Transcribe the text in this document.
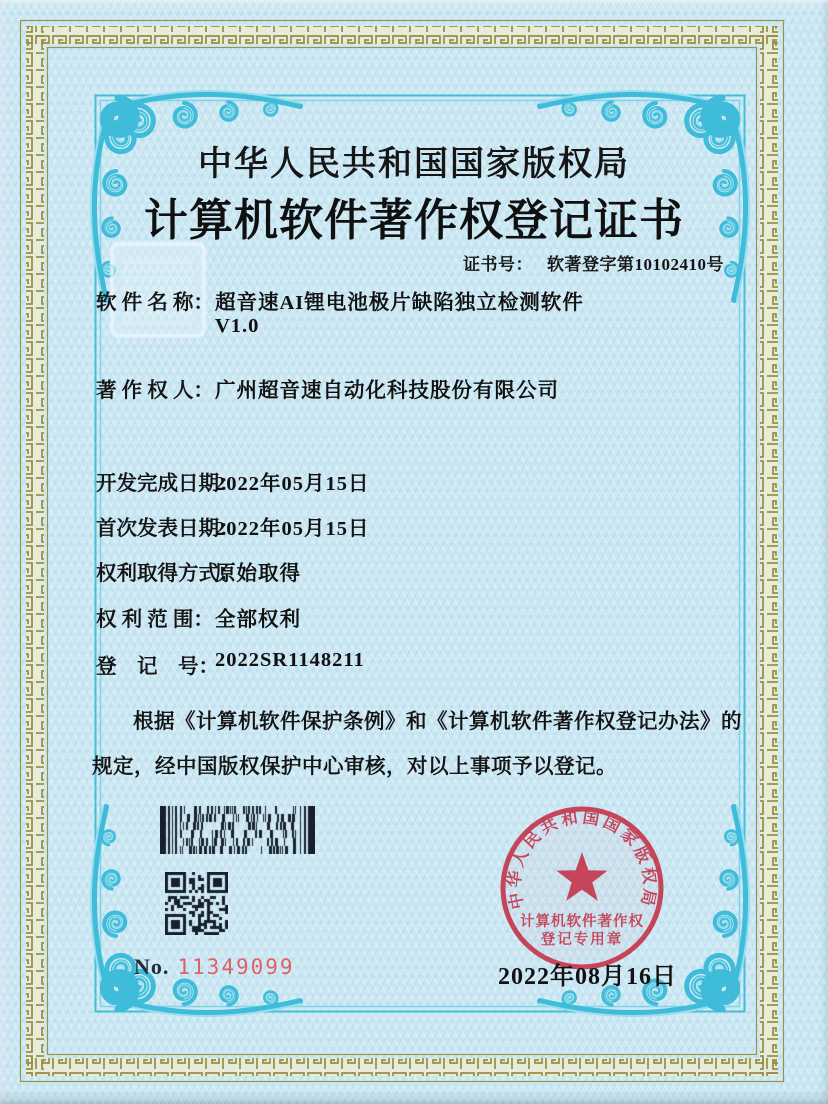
中华人民共和国国家版权局
计算机软件著作权登记证书
证书号： 软著登字第10102410号
软 件 名 称： 超音速AI锂电池极片缺陷独立检测软件
V1.0
著 作 权 人： 广州超音速自动化科技股份有限公司
开发完成日期：
2022年05月15日
首次发表日期：
2022年05月15日
权利取得方式：
原始取得
权 利 范 围： 全部权利
登　记　号：
2022SR1148211
根据《计算机软件保护条例》和《计算机软件著作权登记办法》的
规定，经中国版权保护中心审核，对以上事项予以登记。
No. 11349099
中华人民共和国国家版权局
计算机软件著作权
登记专用章
2022年08月16日
